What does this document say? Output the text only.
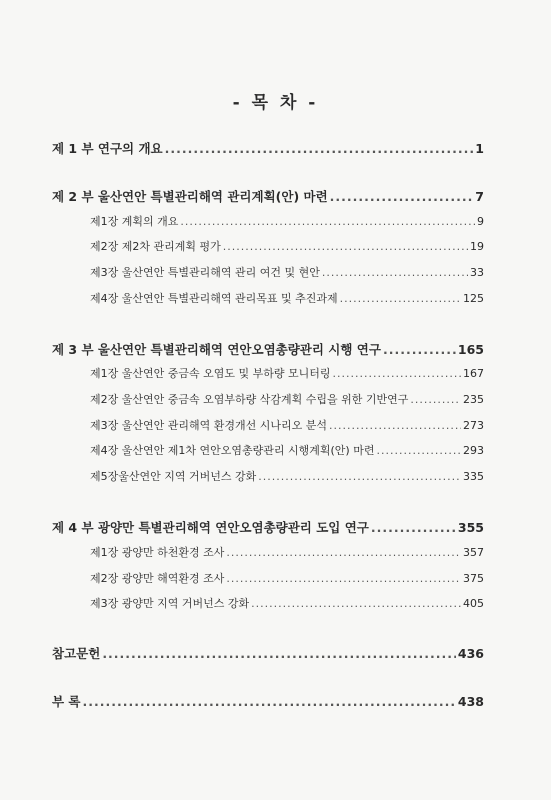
- 목 차 -
제 1 부 연구의 개요 .....	1
제 2 부 울산연안 특별관리해역 관리계획(안) 마련 .....	7
제1장 계획의 개요 .....	9
제2장 제2차 관리계획 평가 .....	19
제3장 울산연안 특별관리해역 관리 여건 및 현안 .....	33
제4장 울산연안 특별관리해역 관리목표 및 추진과제 .....	125
제 3 부 울산연안 특별관리해역 연안오염총량관리 시행 연구 .....	165
제1장 울산연안 중금속 오염도 및 부하량 모니터링 .....	167
제2장 울산연안 중금속 오염부하량 삭감계획 수립을 위한 기반연구 .....	235
제3장 울산연안 관리해역 환경개선 시나리오 분석 .....	273
제4장 울산연안 제1차 연안오염총량관리 시행계획(안) 마련 .....	293
제5장울산연안 지역 거버넌스 강화 .....	335
제 4 부 광양만 특별관리해역 연안오염총량관리 도입 연구 .....	355
제1장 광양만 하천환경 조사 .....	357
제2장 광양만 해역환경 조사 .....	375
제3장 광양만 지역 거버넌스 강화 .....	405
참고문헌 .....	436
부 록 .....	438
